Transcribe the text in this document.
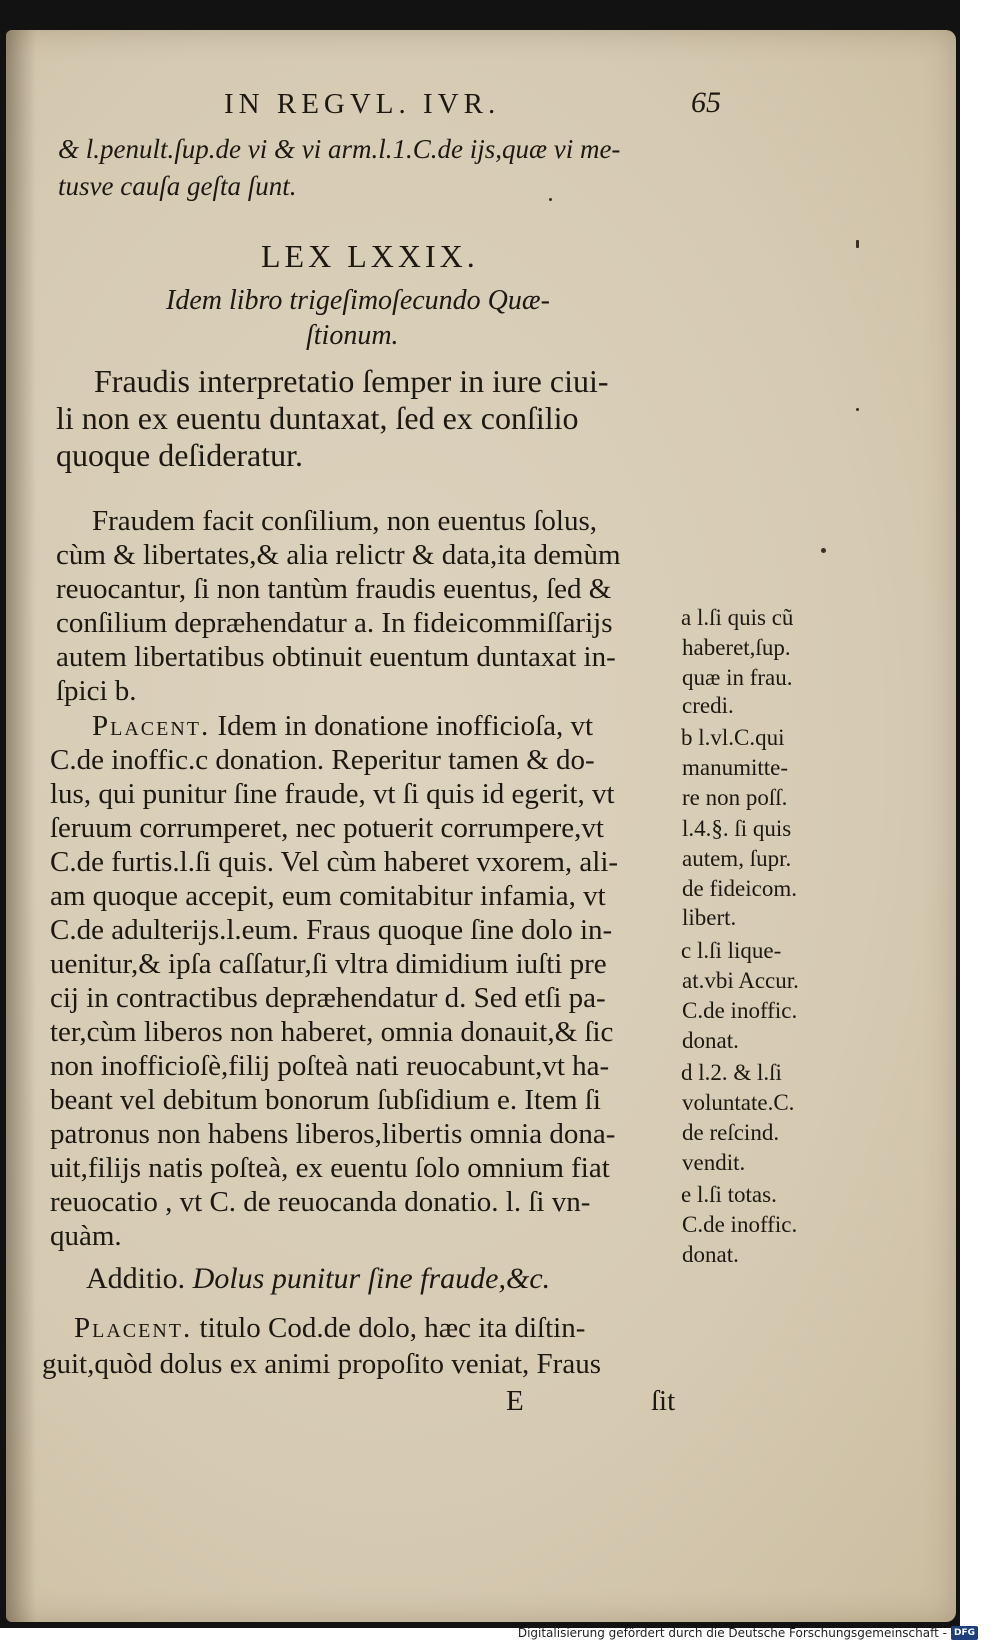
IN REGVL. IVR.	65
& l.penult.ſup.de vi & vi arm.l.1.C.de ijs,quæ vi me-
tusve cauſa geſta ſunt.
LEX LXXIX.
Idem libro trigeſimoſecundo Quæ-
ſtionum.
Fraudis interpretatio ſemper in iure ciui-
li non ex euentu duntaxat, ſed ex conſilio
quoque deſideratur.
Fraudem facit conſilium, non euentus ſolus,
cùm & libertates,& alia relictr & data,ita demùm
reuocantur, ſi non tantùm fraudis euentus, ſed &
conſilium depræhendatur a. In fideicommiſſarijs
autem libertatibus obtinuit euentum duntaxat in-
ſpici b.
Placent. Idem in donatione inofficioſa, vt
C.de inoffic.c donation. Reperitur tamen & do-
lus, qui punitur ſine fraude, vt ſi quis id egerit, vt
ſeruum corrumperet, nec potuerit corrumpere,vt
C.de furtis.l.ſi quis. Vel cùm haberet vxorem, ali-
am quoque accepit, eum comitabitur infamia, vt
C.de adulterijs.l.eum. Fraus quoque ſine dolo in-
uenitur,& ipſa caſſatur,ſi vltra dimidium iuſti pre
cij in contractibus depræhendatur d. Sed etſi pa-
ter,cùm liberos non haberet, omnia donauit,& ſic
non inofficioſè,filij poſteà nati reuocabunt,vt ha-
beant vel debitum bonorum ſubſidium e. Item ſi
patronus non habens liberos,libertis omnia dona-
uit,filijs natis poſteà, ex euentu ſolo omnium fiat
reuocatio , vt C. de reuocanda donatio. l. ſi vn-
quàm.
Additio. Dolus punitur ſine fraude,&c.
Placent. titulo Cod.de dolo, hæc ita diſtin-
guit,quòd dolus ex animi propoſito veniat, Fraus
E	ſit
a l.ſi quis cũ
haberet,ſup.
quæ in frau.
credi.
b l.vl.C.qui
manumitte-
re non poſſ.
l.4.§. ſi quis
autem, ſupr.
de fideicom.
libert.
c l.ſi lique-
at.vbi Accur.
C.de inoffic.
donat.
d l.2. & l.ſi
voluntate.C.
de reſcind.
vendit.
e l.ſi totas.
C.de inoffic.
donat.
Digitalisierung gefördert durch die Deutsche Forschungsgemeinschaft - DFG
